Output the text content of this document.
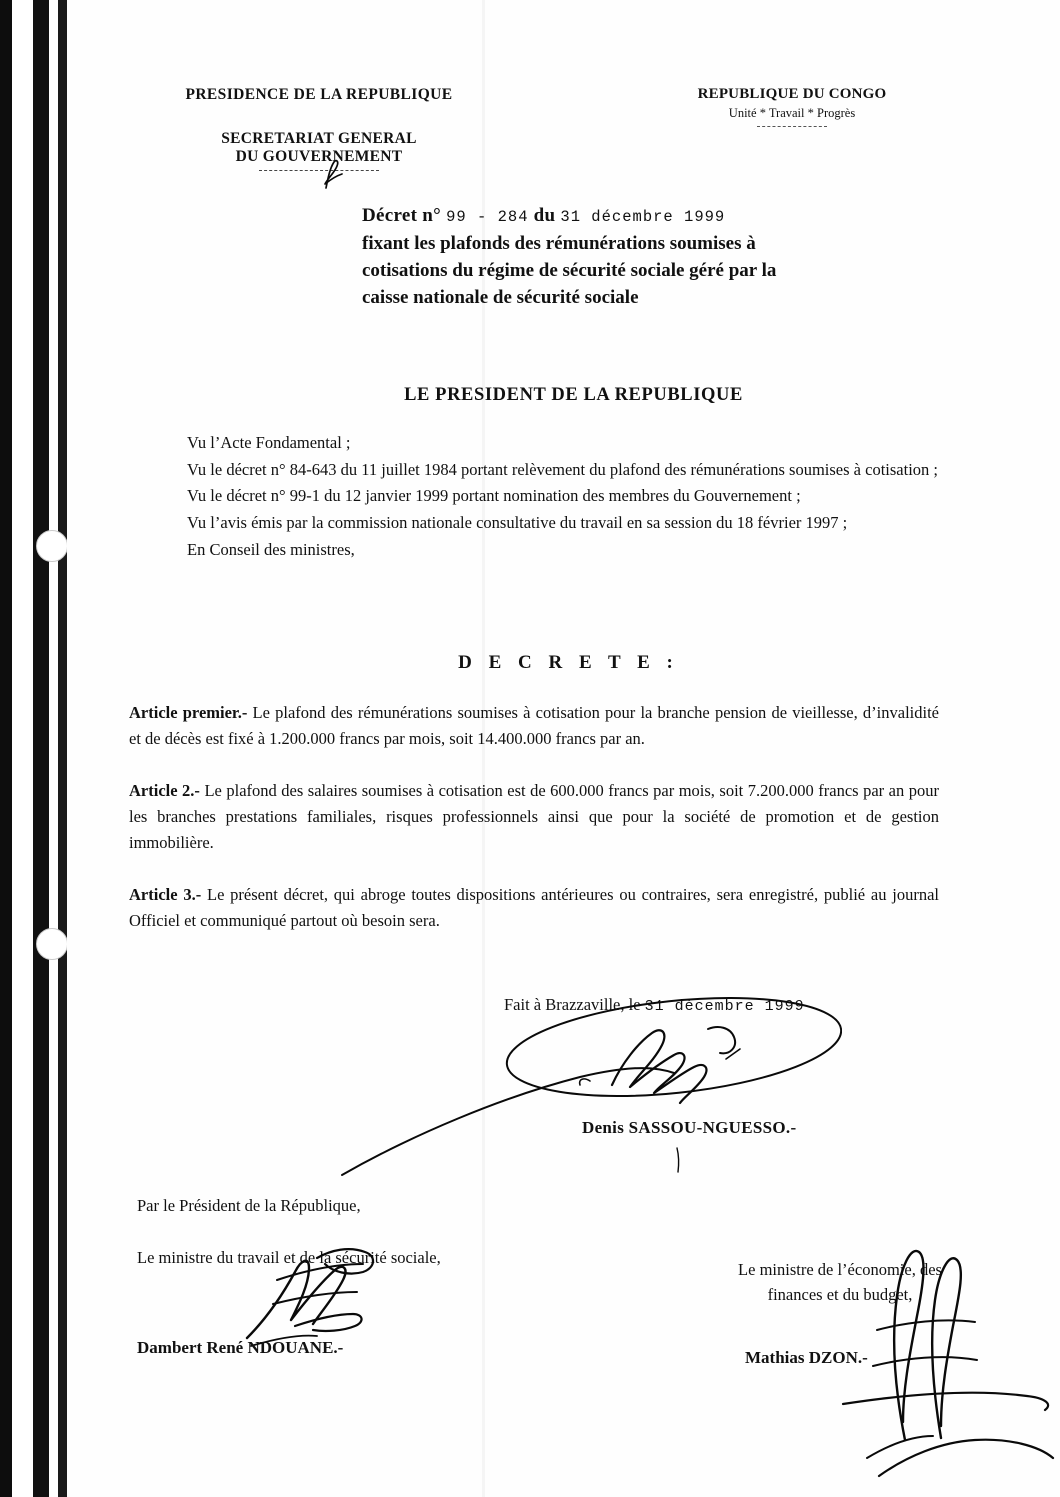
PRESIDENCE DE LA REPUBLIQUE
SECRETARIAT GENERAL
DU GOUVERNEMENT
REPUBLIQUE DU CONGO
Unité * Travail * Progrès
Décret n° 99 - 284 du 31 décembre 1999
fixant les plafonds des rémunérations soumises à
cotisations du régime de sécurité sociale géré par la
caisse nationale de sécurité sociale
LE PRESIDENT DE LA REPUBLIQUE

Vu l’Acte Fondamental ;

Vu le décret n° 84-643 du 11 juillet 1984 portant relèvement du plafond des rémunérations soumises à cotisation ;

Vu le décret n° 99-1 du 12 janvier 1999 portant nomination des membres du Gouvernement ;

Vu l’avis émis par la commission nationale consultative du travail en sa session du 18 février 1997 ;

En Conseil des ministres,

D E C R E T E :

Article premier.- Le plafond des rémunérations soumises à cotisation pour la branche pension de vieillesse, d’invalidité et de décès est fixé à 1.200.000 francs par mois, soit 14.400.000 francs par an.

Article 2.- Le plafond des salaires soumises à cotisation est de 600.000 francs par mois, soit 7.200.000 francs par an pour les branches prestations familiales, risques professionnels ainsi que pour la société de promotion et de gestion immobilière.

Article 3.- Le présent décret, qui abroge toutes dispositions antérieures ou contraires, sera enregistré, publié au journal Officiel et communiqué partout où besoin sera.

Fait à Brazzaville, le 31 décembre 1999
Denis SASSOU-NGUESSO.-
Par le Président de la République,
Le ministre du travail et de la sécurité sociale,
Dambert René NDOUANE.-
Le ministre de l’économie, des
finances et du budget,
Mathias DZON.-
